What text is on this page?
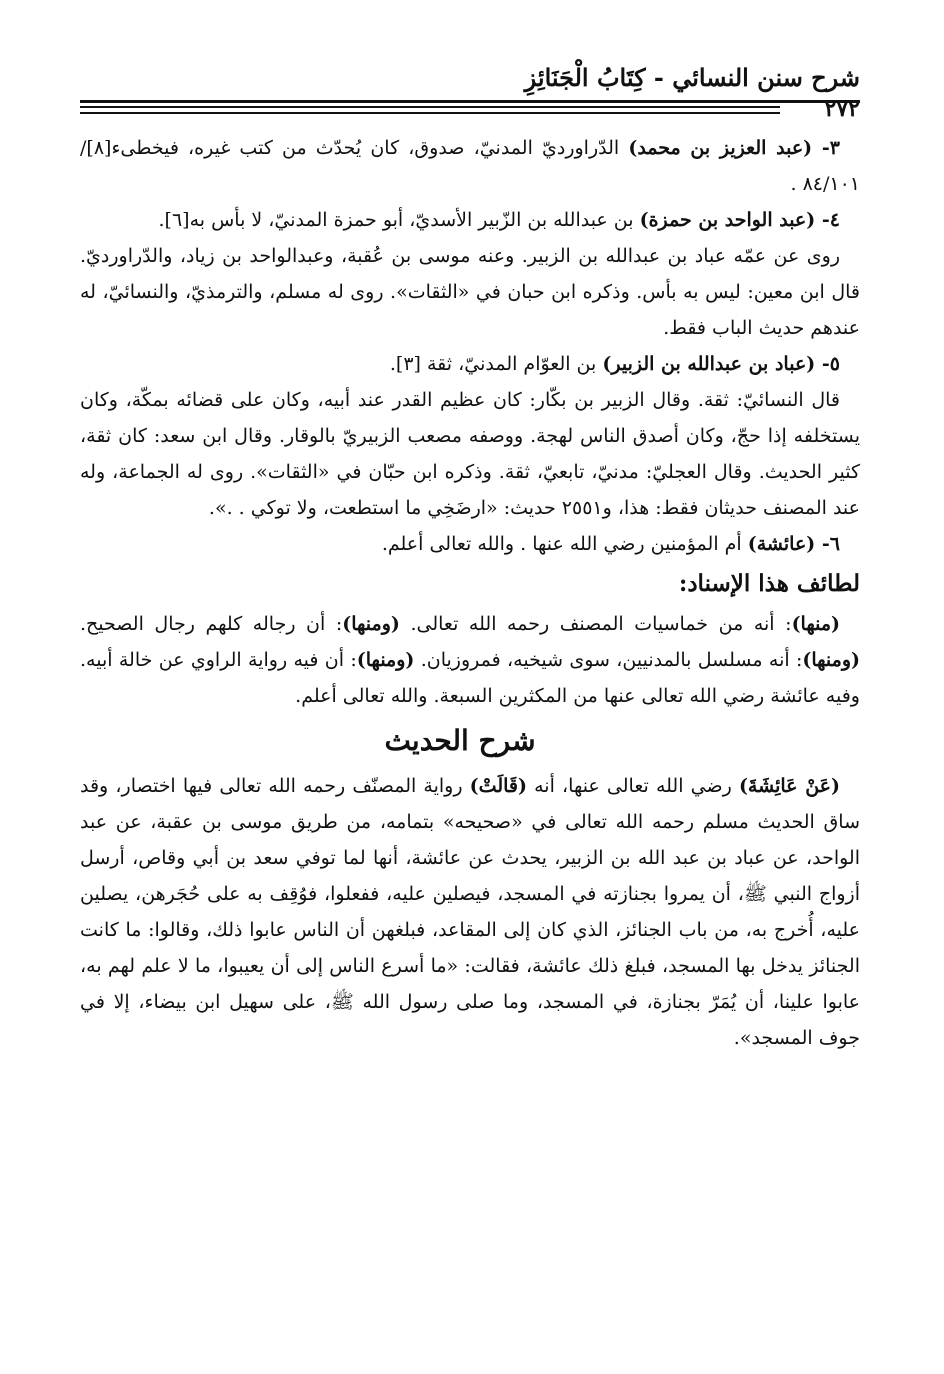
شرح سنن النسائي - كِتَابُ الْجَنَائِزِ
٢٧٢

٣- (عبد العزيز بن محمد) الدّراورديّ المدنيّ، صدوق، كان يُحدّث من كتب غيره، فيخطىء[٨]/٨٤/١٠١ .

٤- (عبد الواحد بن حمزة) بن عبدالله بن الزّبير الأسديّ، أبو حمزة المدنيّ، لا بأس به[٦].

روى عن عمّه عباد بن عبدالله بن الزبير. وعنه موسى بن عُقبة، وعبدالواحد بن زياد، والدّراورديّ. قال ابن معين: ليس به بأس. وذكره ابن حبان في «الثقات». روى له مسلم، والترمذيّ، والنسائيّ، له عندهم حديث الباب فقط.

٥- (عباد بن عبدالله بن الزبير) بن العوّام المدنيّ، ثقة [٣].

قال النسائيّ: ثقة. وقال الزبير بن بكّار: كان عظيم القدر عند أبيه، وكان على قضائه بمكّة، وكان يستخلفه إذا حجّ، وكان أصدق الناس لهجة. ووصفه مصعب الزبيريّ بالوقار. وقال ابن سعد: كان ثقة، كثير الحديث. وقال العجليّ: مدنيّ، تابعيّ، ثقة. وذكره ابن حبّان في «الثقات». روى له الجماعة، وله عند المصنف حديثان فقط: هذا، و٢٥٥١ حديث: «ارضَخِي ما استطعت، ولا توكي . .».

٦- (عائشة) أم المؤمنين رضي الله عنها . والله تعالى أعلم.

لطائف هذا الإسناد:

(منها): أنه من خماسيات المصنف رحمه الله تعالى. (ومنها): أن رجاله كلهم رجال الصحيح. (ومنها): أنه مسلسل بالمدنيين، سوى شيخيه، فمروزيان. (ومنها): أن فيه رواية الراوي عن خالة أبيه. وفيه عائشة رضي الله تعالى عنها من المكثرين السبعة. والله تعالى أعلم.

شرح الحديث

(عَنْ عَائِشَةَ) رضي الله تعالى عنها، أنه (قَالَتْ) رواية المصنّف رحمه الله تعالى فيها اختصار، وقد ساق الحديث مسلم رحمه الله تعالى في «صحيحه» بتمامه، من طريق موسى بن عقبة، عن عبد الواحد، عن عباد بن عبد الله بن الزبير، يحدث عن عائشة، أنها لما توفي سعد بن أبي وقاص، أرسل أزواج النبي ﷺ، أن يمروا بجنازته في المسجد، فيصلين عليه، ففعلوا، فوُقِف به على حُجَرهن، يصلين عليه، أُخرج به، من باب الجنائز، الذي كان إلى المقاعد، فبلغهن أن الناس عابوا ذلك، وقالوا: ما كانت الجنائز يدخل بها المسجد، فبلغ ذلك عائشة، فقالت: «ما أسرع الناس إلى أن يعيبوا، ما لا علم لهم به، عابوا علينا، أن يُمَرّ بجنازة، في المسجد، وما صلى رسول الله ﷺ، على سهيل ابن بيضاء، إلا في جوف المسجد».
